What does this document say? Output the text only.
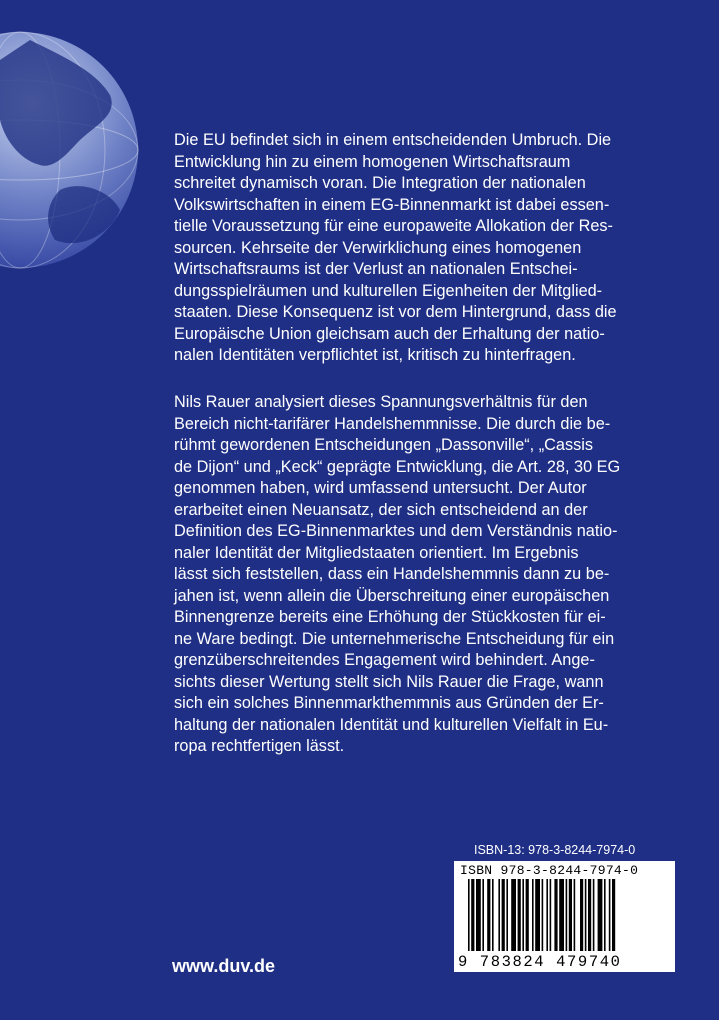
Die EU befindet sich in einem entscheidenden Umbruch. Die
Entwicklung hin zu einem homogenen Wirtschaftsraum
schreitet dynamisch voran. Die Integration der nationalen
Volkswirtschaften in einem EG-Binnenmarkt ist dabei essen-
tielle Voraussetzung für eine europaweite Allokation der Res-
sourcen. Kehrseite der Verwirklichung eines homogenen
Wirtschaftsraums ist der Verlust an nationalen Entschei-
dungsspielräumen und kulturellen Eigenheiten der Mitglied-
staaten. Diese Konsequenz ist vor dem Hintergrund, dass die
Europäische Union gleichsam auch der Erhaltung der natio-
nalen Identitäten verpflichtet ist, kritisch zu hinterfragen.
Nils Rauer analysiert dieses Spannungsverhältnis für den
Bereich nicht-tarifärer Handelshemmnisse. Die durch die be-
rühmt gewordenen Entscheidungen „Dassonville“, „Cassis
de Dijon“ und „Keck“ geprägte Entwicklung, die Art. 28, 30 EG
genommen haben, wird umfassend untersucht. Der Autor
erarbeitet einen Neuansatz, der sich entscheidend an der
Definition des EG-Binnenmarktes und dem Verständnis natio-
naler Identität der Mitgliedstaaten orientiert. Im Ergebnis
lässt sich feststellen, dass ein Handelshemmnis dann zu be-
jahen ist, wenn allein die Überschreitung einer europäischen
Binnengrenze bereits eine Erhöhung der Stückkosten für ei-
ne Ware bedingt. Die unternehmerische Entscheidung für ein
grenzüberschreitendes Engagement wird behindert. Ange-
sichts dieser Wertung stellt sich Nils Rauer die Frage, wann
sich ein solches Binnenmarkthemmnis aus Gründen der Er-
haltung der nationalen Identität und kulturellen Vielfalt in Eu-
ropa rechtfertigen lässt.
ISBN-13: 978-3-8244-7974-0
ISBN 978-3-8244-7974-0
9 783824 479740
www.duv.de
